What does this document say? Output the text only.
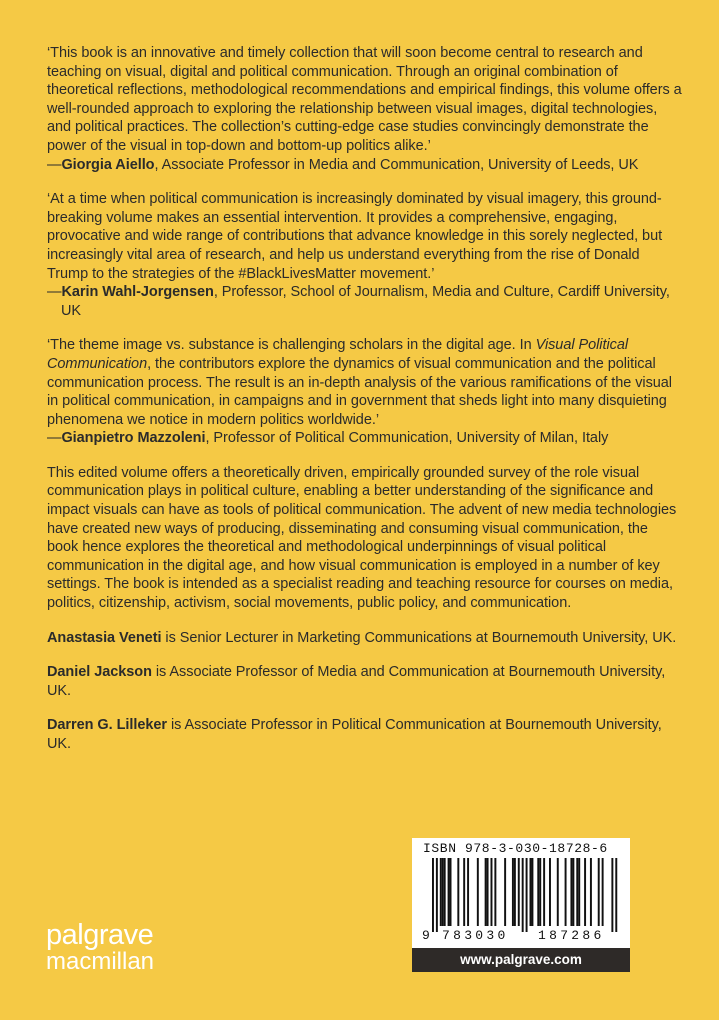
‘This book is an innovative and timely collection that will soon become central to research and teaching on visual, digital and political communication. Through an original combination of theoretical reflections, methodological recommendations and empirical findings, this volume offers a well-rounded approach to exploring the relationship between visual images, digital technologies, and political practices. The collection’s cutting-edge case studies convincingly demonstrate the power of the visual in top-down and bottom-up politics alike.’

—Giorgia Aiello, Associate Professor in Media and Communication, University of Leeds, UK

‘At a time when political communication is increasingly dominated by visual imagery, this ground-breaking volume makes an essential intervention. It provides a comprehensive, engaging, provocative and wide range of contributions that advance knowledge in this sorely neglected, but increasingly vital area of research, and help us understand everything from the rise of Donald Trump to the strategies of the #BlackLivesMatter movement.’

—Karin Wahl-Jorgensen, Professor, School of Journalism, Media and Culture, Cardiff University, UK

‘The theme image vs. substance is challenging scholars in the digital age. In Visual Political Communication, the contributors explore the dynamics of visual communication and the political communication process. The result is an in-depth analysis of the various ramifications of the visual in political communication, in campaigns and in government that sheds light into many disquieting phenomena we notice in modern politics worldwide.’

—Gianpietro Mazzoleni, Professor of Political Communication, University of Milan, Italy

This edited volume offers a theoretically driven, empirically grounded survey of the role visual communication plays in political culture, enabling a better understanding of the significance and impact visuals can have as tools of political communication. The advent of new media technologies have created new ways of producing, disseminating and consuming visual communication, the book hence explores the theoretical and methodological underpinnings of visual political communication in the digital age, and how visual communication is employed in a number of key settings. The book is intended as a specialist reading and teaching resource for courses on media, politics, citizenship, activism, social movements, public policy, and communication.

Anastasia Veneti is Senior Lecturer in Marketing Communications at Bournemouth University, UK.

Daniel Jackson is Associate Professor of Media and Communication at Bournemouth University, UK.

Darren G. Lilleker is Associate Professor in Political Communication at Bournemouth University, UK.

palgrave
macmillan
ISBN 978-3-030-18728-6
9 783030 187286
www.palgrave.com
